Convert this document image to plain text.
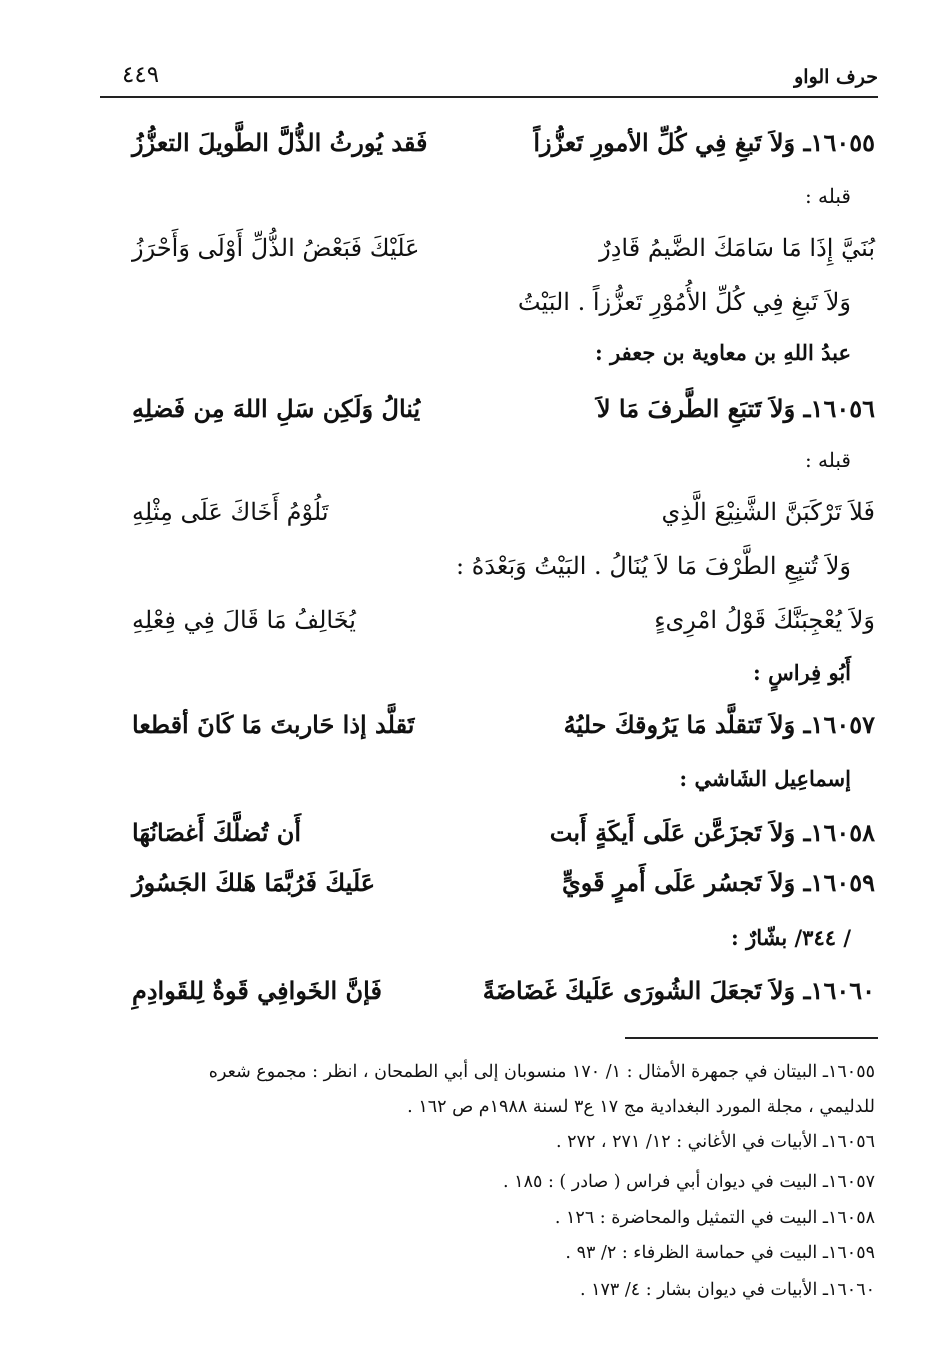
حرف الواو
٤٤٩
١٦٠٥٥ـ وَلاَ تَبغِ فِي كُلِّ الأمورِ تَعزُّزاً
فَقد يُورثُ الذُّلَّ الطَّويلَ التعزُّزُ
قبله :
بُنَيَّ إِذَا مَا سَامَكَ الضَّيمُ قَادِرٌ
عَلَيْكَ فَبَعْضُ الذُّلِّ أَوْلَى وَأَحْرَزُ
وَلاَ تَبغِ فِي كُلِّ الأُمُوْرِ تَعزُّزاً . البَيْتُ
عبدُ اللهِ بن معاوية بن جعفر :
١٦٠٥٦ـ وَلاَ تَتبَعِ الطَّرفَ مَا لاَ
يُنالُ وَلَكِن سَلِ اللهَ مِن فَضلِهِ
قبله :
فَلاَ تَرْكَبَنَّ الشَّنِيْعَ الَّذِي
تَلُوْمُ أَخَاكَ عَلَى مِثْلِهِ
وَلاَ تُتبِعِ الطَّرْفَ مَا لاَ يُنَالُ . البَيْتُ وَبَعْدَهُ :
وَلاَ يُعْجِبَنَّكَ قَوْلُ امْرِىءٍ
يُخَالِفُ مَا قَالَ فِي فِعْلِهِ
أَبُو فِراسٍ :
١٦٠٥٧ـ وَلاَ تَتقلَّد مَا يَرُوقكَ حليُهُ
تَقلَّد إذا حَاربتَ مَا كَانَ أقطعا
إسماعِيل الشَاشي :
١٦٠٥٨ـ وَلاَ تَجزَعَّن عَلَى أَيكَةٍ أَبت
أَن تُضلَّكَ أَغصَانُهَا
١٦٠٥٩ـ وَلاَ تَجسُر عَلَى أَمرٍ قَويٍّ
عَلَيكَ فَرُبَّمَا هَلكَ الجَسُورُ
/ ٣٤٤/ بشّارٌ :
١٦٠٦٠ـ وَلاَ تَجعَلَ الشُورَى عَلَيكَ غَضَاضَةً
فَإنَّ الخَوافِي قَوةٌ لِلقَوادِمِ
١٦٠٥٥ـ البيتان في جمهرة الأمثال : ١/ ١٧٠ منسوبان إلى أبي الطمحان ، انظر : مجموع شعره
للدليمي ، مجلة المورد البغدادية مج ١٧ ع٣ لسنة ١٩٨٨م ص ١٦٢ .
١٦٠٥٦ـ الأبيات في الأغاني : ١٢/ ٢٧١ ، ٢٧٢ .
١٦٠٥٧ـ البيت في ديوان أبي فراس ( صادر ) : ١٨٥ .
١٦٠٥٨ـ البيت في التمثيل والمحاضرة : ١٢٦ .
١٦٠٥٩ـ البيت في حماسة الظرفاء : ٢/ ٩٣ .
١٦٠٦٠ـ الأبيات في ديوان بشار : ٤/ ١٧٣ .
